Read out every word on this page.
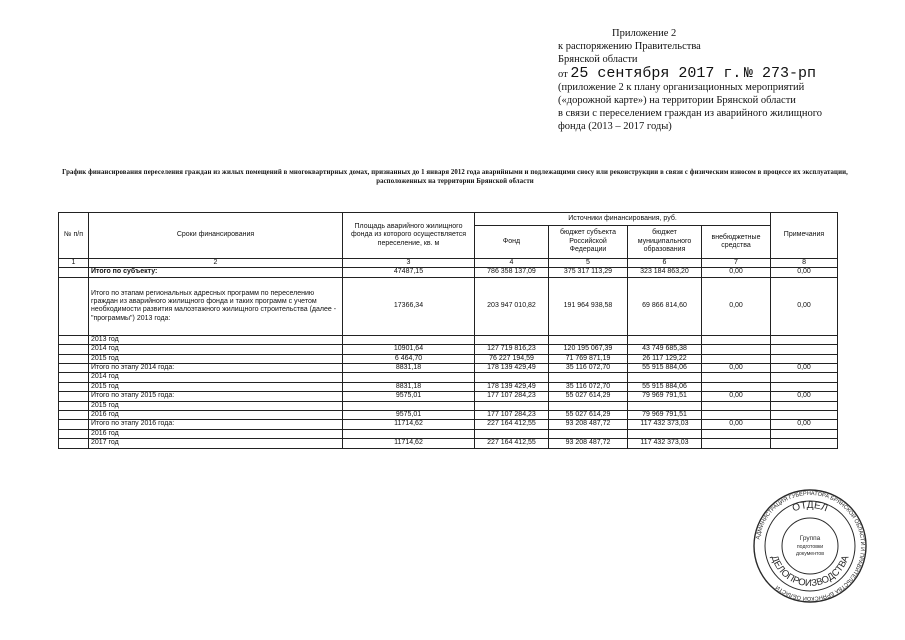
Приложение 2
к распоряжению Правительства
Брянской области
от 25 сентября 2017 г. № 273-рп
(приложение 2 к плану организационных мероприятий
(«дорожной карте») на территории Брянской области
в связи с переселением граждан из аварийного жилищного
фонда (2013 – 2017 годы)
График финансирования переселения граждан из жилых помещений в многоквартирных домах, признанных до 1 января 2012 года аварийными и подлежащими сносу или реконструкции в связи с физическим износом в процессе их эксплуатации, расположенных на территории Брянской области
№ п/п	Сроки финансирования	Площадь аварийного жилищного фонда из которого осуществляется переселение, кв. м	Источники финансирования, руб.				Примечания
			Фонд	бюджет субъекта Российской Федерации	бюджет муниципального образования	внебюджетные средства	
1	2	3	4	5	6	7	8
	Итого по субъекту:	47487,15	786 358 137,09	375 317 113,29	323 184 863,20	0,00	0,00
	Итого по этапам региональных адресных программ по переселению граждан из аварийного жилищного фонда и таких программ с учетом необходимости развития малоэтажного жилищного строительства (далее - "программы") 2013 года:	17366,34	203 947 010,82	191 964 938,58	69 866 814,60	0,00	0,00
	2013 год						
	2014 год	10901,64	127 719 816,23	120 195 067,39	43 749 685,38		
	2015 год	6 464,70	76 227 194,59	71 769 871,19	26 117 129,22		
	Итого по этапу 2014 года:	8831,18	178 139 429,49	35 116 072,70	55 915 884,06	0,00	0,00
	2014 год						
	2015 год	8831,18	178 139 429,49	35 116 072,70	55 915 884,06		
	Итого по этапу 2015 года:	9575,01	177 107 284,23	55 027 614,29	79 969 791,51	0,00	0,00
	2015 год						
	2016 год	9575,01	177 107 284,23	55 027 614,29	79 969 791,51		
	Итого по этапу 2016 года:	11714,62	227 164 412,55	93 208 487,72	117 432 373,03	0,00	0,00
	2016 год						
	2017 год	11714,62	227 164 412,55	93 208 487,72	117 432 373,03		
АДМИНИСТРАЦИЯ ГУБЕРНАТОРА БРЯНСКОЙ ОБЛАСТИ И ПРАВИТЕЛЬСТВА БРЯНСКОЙ ОБЛАСТИ
ОТДЕЛ
ДЕЛОПРОИЗВОДСТВА
Группа
подготовки
документов
